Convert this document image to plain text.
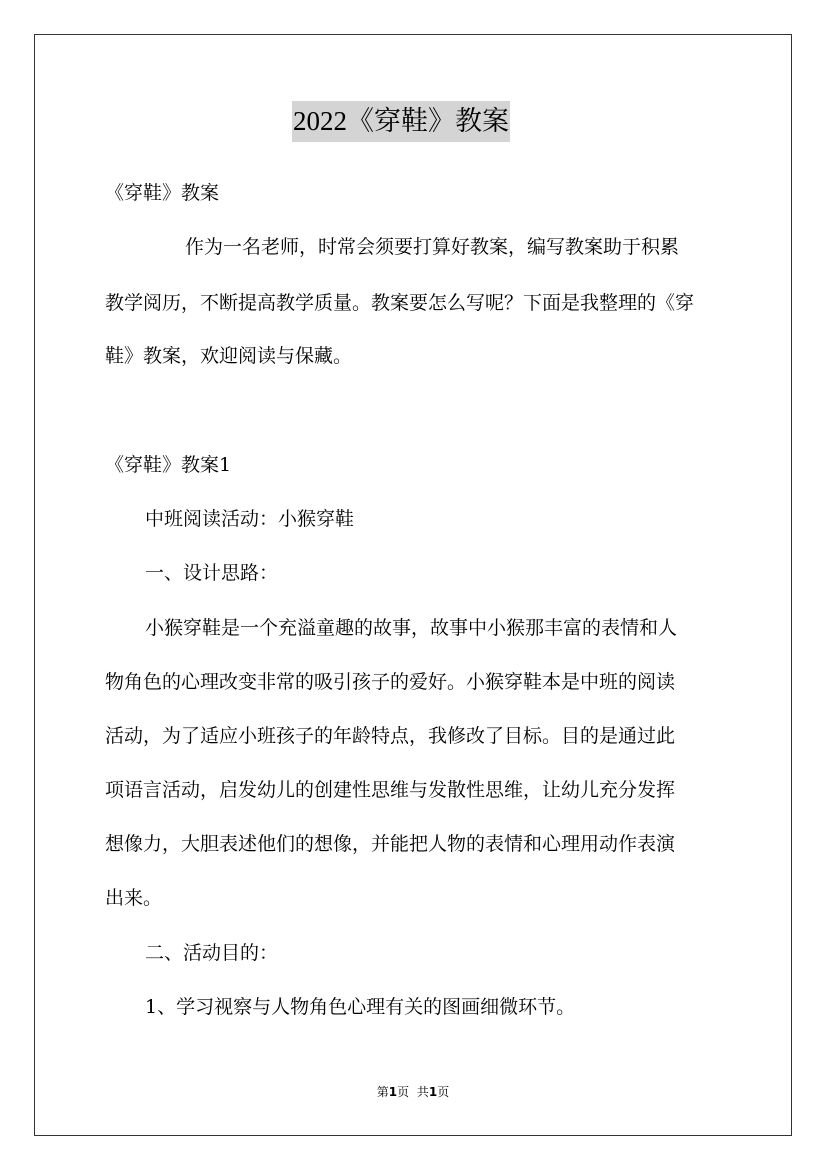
2022《穿鞋》教案
《穿鞋》教案
作为一名老师，时常会须要打算好教案，编写教案助于积累
教学阅历，不断提高教学质量。教案要怎么写呢？下面是我整理的《穿
鞋》教案，欢迎阅读与保藏。
《穿鞋》教案1
中班阅读活动：小猴穿鞋
一、设计思路：
小猴穿鞋是一个充溢童趣的故事，故事中小猴那丰富的表情和人
物角色的心理改变非常的吸引孩子的爱好。小猴穿鞋本是中班的阅读
活动，为了适应小班孩子的年龄特点，我修改了目标。目的是通过此
项语言活动，启发幼儿的创建性思维与发散性思维，让幼儿充分发挥
想像力，大胆表述他们的想像，并能把人物的表情和心理用动作表演
出来。
二、活动目的：
1、学习视察与人物角色心理有关的图画细微环节。
第1页 共1页
